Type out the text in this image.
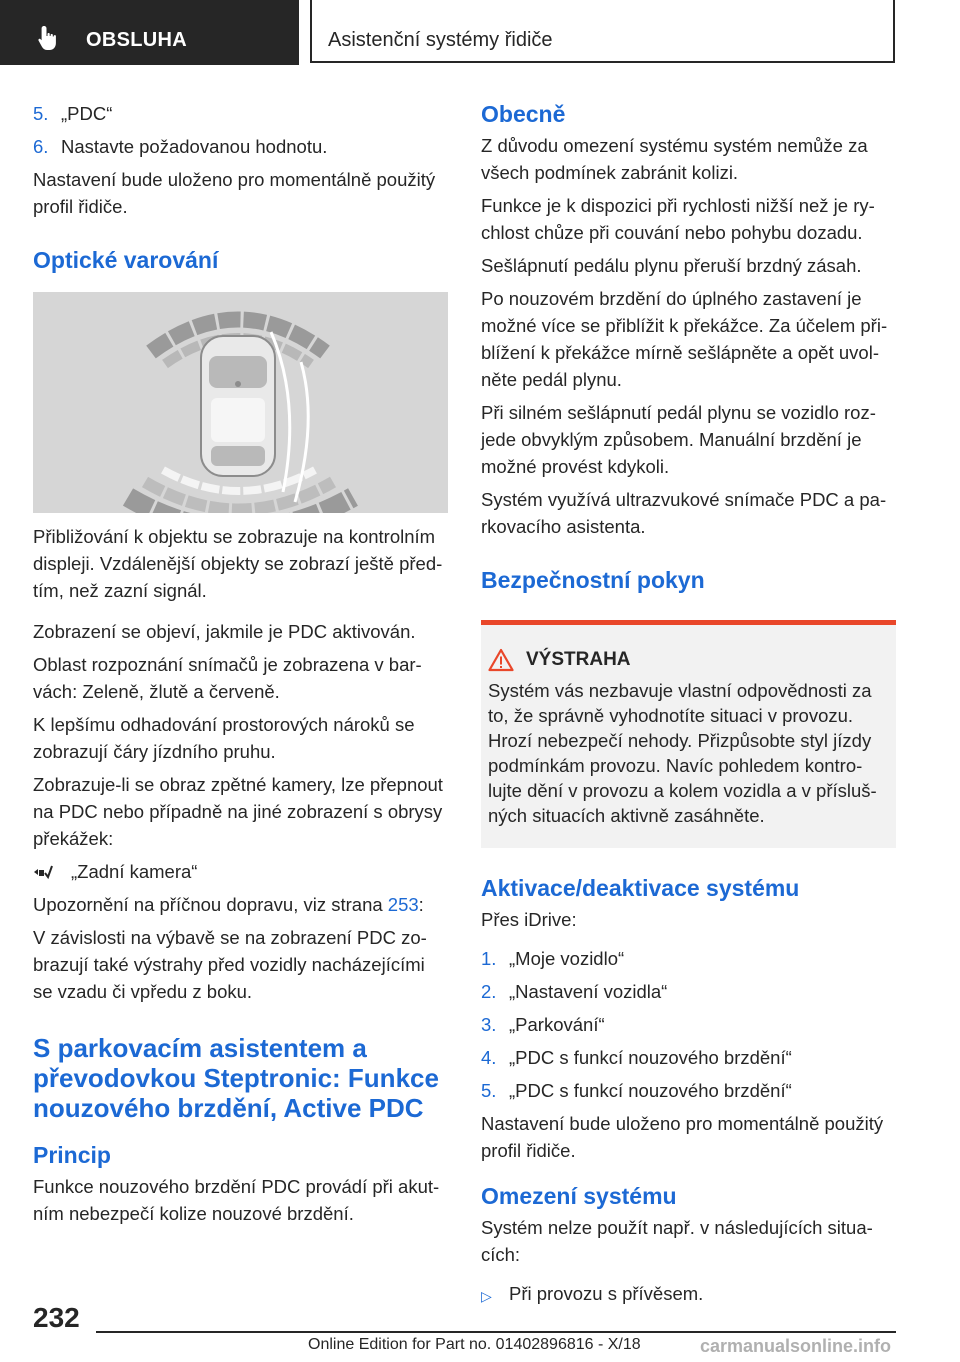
OBSLUHA	Asistenční systémy řidiče
5. „PDC“
6. Nastavte požadovanou hodnotu.

Nastavení bude uloženo pro momentálně použitý profil řidiče.

Optické varování

Přibližování k objektu se zobrazuje na kontrolním displeji. Vzdálenější objekty se zobrazí ještě předtím, než zazní signál.

Zobrazení se objeví, jakmile je PDC aktivován.

Oblast rozpoznání snímačů je zobrazena v barvách: Zeleně, žlutě a červeně.

K lepšímu odhadování prostorových nároků se zobrazují čáry jízdního pruhu.

Zobrazuje-li se obraz zpětné kamery, lze přepnout na PDC nebo případně na jiné zobrazení s obrysy překážek:

„Zadní kamera“

Upozornění na příčnou dopravu, viz strana 253:

V závislosti na výbavě se na zobrazení PDC zobrazují také výstrahy před vozidly nacházejícími se vzadu či vpředu z boku.

S parkovacím asistentem a převodovkou Steptronic: Funkce nouzového brzdění, Active PDC
Princip

Funkce nouzového brzdění PDC provádí při akutním nebezpečí kolize nouzové brzdění.

Obecně

Z důvodu omezení systému systém nemůže za všech podmínek zabránit kolizi.

Funkce je k dispozici při rychlosti nižší než je rychlost chůze při couvání nebo pohybu dozadu.

Sešlápnutí pedálu plynu přeruší brzdný zásah.

Po nouzovém brzdění do úplného zastavení je možné více se přiblížit k překážce. Za účelem přiblížení k překážce mírně sešlápněte a opět uvolněte pedál plynu.

Při silném sešlápnutí pedál plynu se vozidlo rozjede obvyklým způsobem. Manuální brzdění je možné provést kdykoli.

Systém využívá ultrazvukové snímače PDC a parkovacího asistenta.

Bezpečnostní pokyn
VÝSTRAHA

Systém vás nezbavuje vlastní odpovědnosti za to, že správně vyhodnotíte situaci v provozu. Hrozí nebezpečí nehody. Přizpůsobte styl jízdy podmínkám provozu. Navíc pohledem kontrolujte dění v provozu a kolem vozidla a v příslušných situacích aktivně zasáhněte.

Aktivace/deaktivace systému

Přes iDrive:

1. „Moje vozidlo“
2. „Nastavení vozidla“
3. „Parkování“
4. „PDC s funkcí nouzového brzdění“
5. „PDC s funkcí nouzového brzdění“

Nastavení bude uloženo pro momentálně použitý profil řidiče.

Omezení systému

Systém nelze použít např. v následujících situacích:

▷ Při provozu s přívěsem.
232
Online Edition for Part no. 01402896816 - X/18	carmanualsonline.info
